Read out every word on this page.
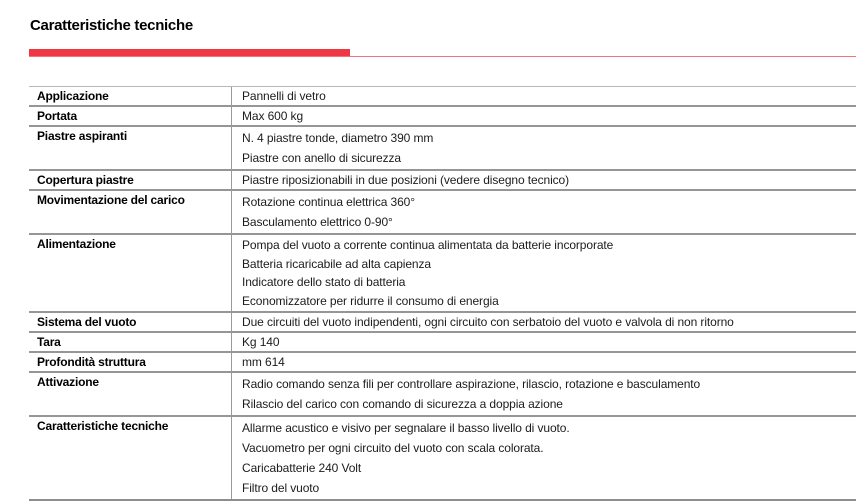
Caratteristiche tecniche
Applicazione	Pannelli di vetro
Portata	Max 600 kg
Piastre aspiranti	N. 4 piastre tonde, diametro 390 mm
Piastre con anello di sicurezza
Copertura piastre	Piastre riposizionabili in due posizioni (vedere disegno tecnico)
Movimentazione del carico	Rotazione continua elettrica 360°
Basculamento elettrico 0-90°
Alimentazione	Pompa del vuoto a corrente continua alimentata da batterie incorporate
Batteria ricaricabile ad alta capienza
Indicatore dello stato di batteria
Economizzatore per ridurre il consumo di energia
Sistema del vuoto	Due circuiti del vuoto indipendenti, ogni circuito con serbatoio del vuoto e valvola di non ritorno
Tara	Kg 140
Profondità struttura	mm 614
Attivazione	Radio comando senza fili per controllare aspirazione, rilascio, rotazione e basculamento
Rilascio del carico con comando di sicurezza a doppia azione
Caratteristiche tecniche	Allarme acustico e visivo per segnalare il basso livello di vuoto.
Vacuometro per ogni circuito del vuoto con scala colorata.
Caricabatterie 240 Volt
Filtro del vuoto
